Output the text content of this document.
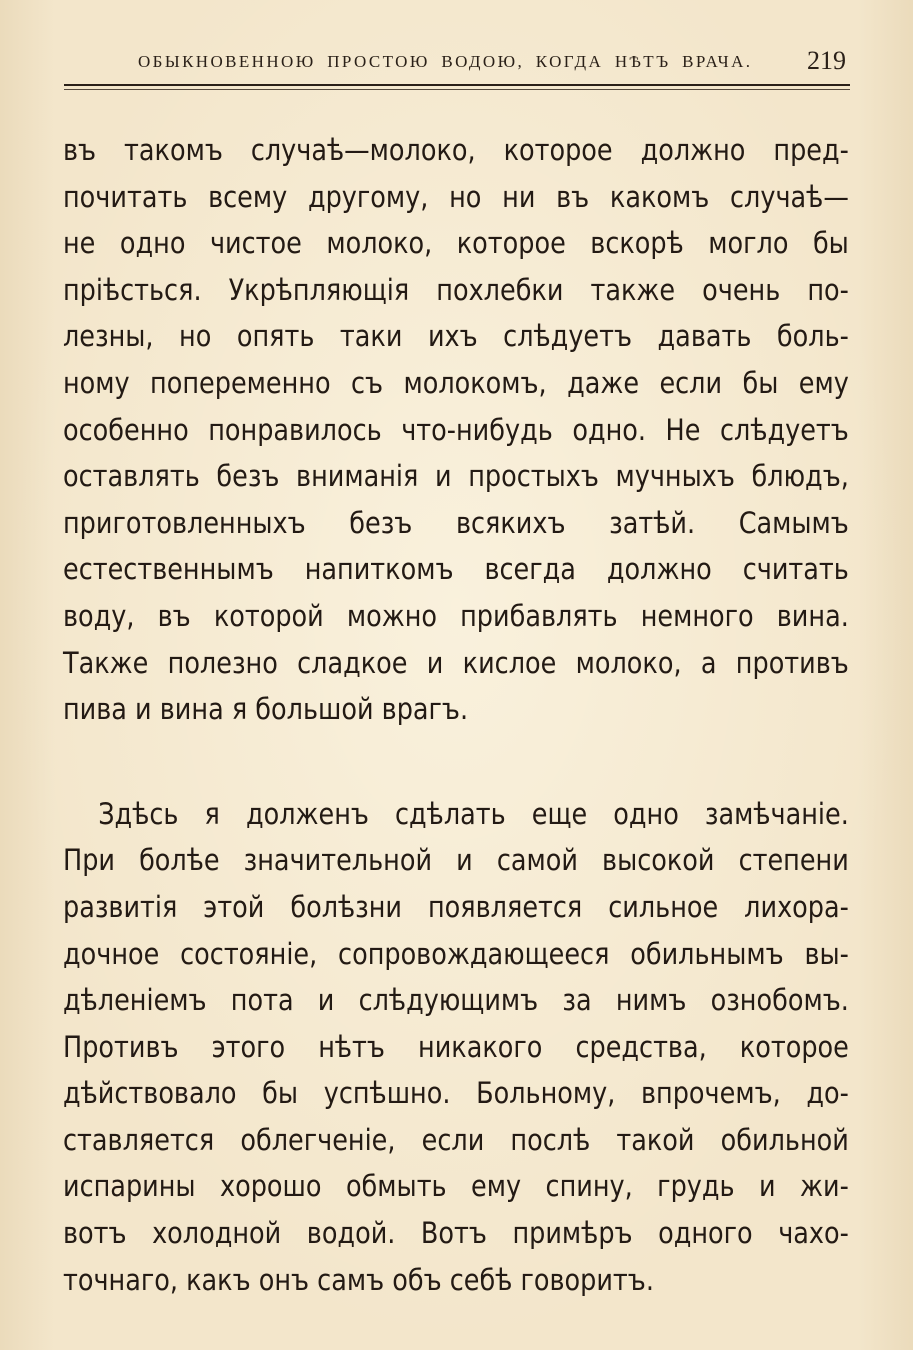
ОБЫКНОВЕННОЮ ПРОСТОЮ ВОДОЮ, КОГДА НѢТЪ ВРАЧА. 219
въ такомъ случаѣ—молоко, которое должно пред-
почитать всему другому, но ни въ какомъ случаѣ—
не одно чистое молоко, которое вскорѣ могло бы
пріѣсться. Укрѣпляющія похлебки также очень по-
лезны, но опять таки ихъ слѣдуетъ давать боль-
ному попеременно съ молокомъ, даже если бы ему
особенно понравилось что-нибудь одно. Не слѣдуетъ
оставлять безъ вниманія и простыхъ мучныхъ блюдъ,
приготовленныхъ безъ всякихъ затѣй. Самымъ
естественнымъ напиткомъ всегда должно считать
воду, въ которой можно прибавлять немного вина.
Также полезно сладкое и кислое молоко, а противъ
пива и вина я большой врагъ.
Здѣсь я долженъ сдѣлать еще одно замѣчаніе.
При болѣе значительной и самой высокой степени
развитія этой болѣзни появляется сильное лихора-
дочное состояніе, сопровождающееся обильнымъ вы-
дѣленіемъ пота и слѣдующимъ за нимъ ознобомъ.
Противъ этого нѣтъ никакого средства, которое
дѣйствовало бы успѣшно. Больному, впрочемъ, до-
ставляется облегченіе, если послѣ такой обильной
испарины хорошо обмыть ему спину, грудь и жи-
вотъ холодной водой. Вотъ примѣръ одного чахо-
точнаго, какъ онъ самъ объ себѣ говоритъ.
